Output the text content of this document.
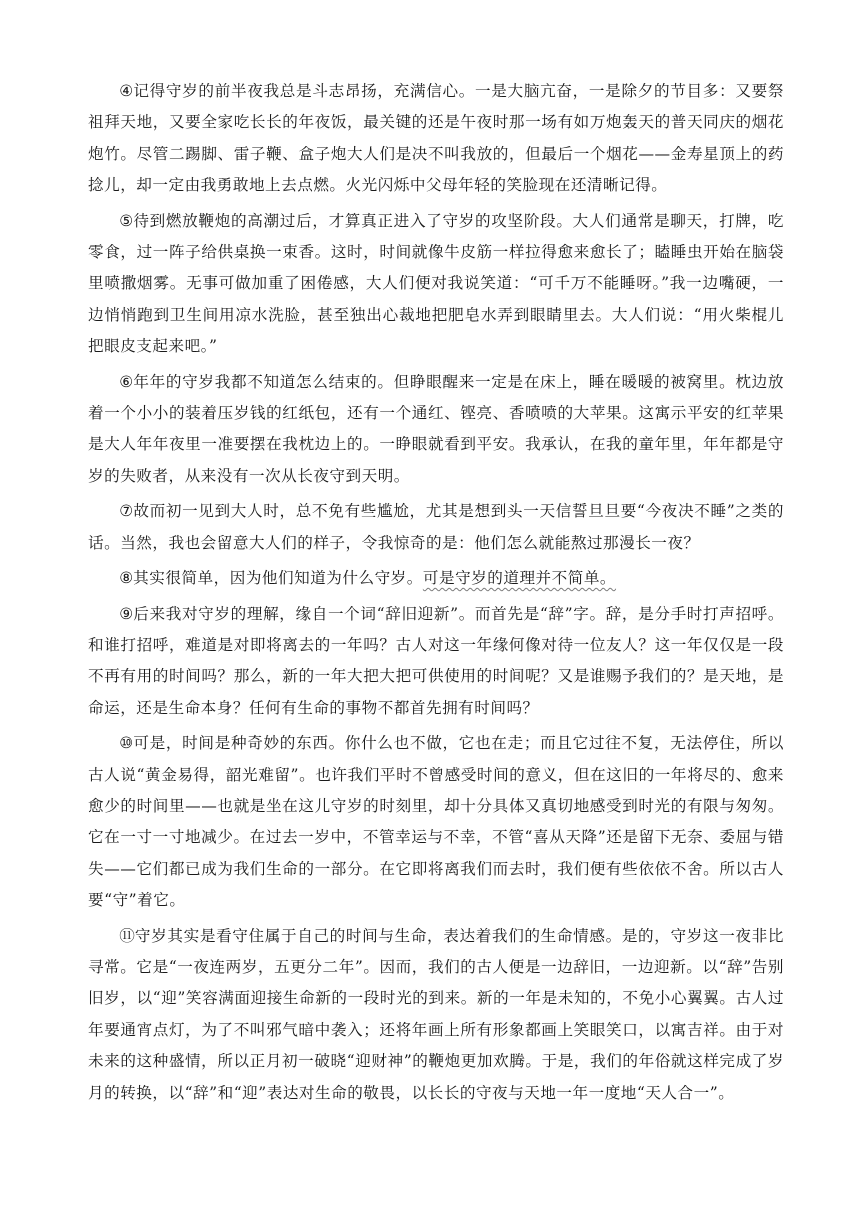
④记得守岁的前半夜我总是斗志昂扬，充满信心。一是大脑亢奋，一是除夕的节目多：又要祭祖拜天地，又要全家吃长长的年夜饭，最关键的还是午夜时那一场有如万炮轰天的普天同庆的烟花炮竹。尽管二踢脚、雷子鞭、盒子炮大人们是决不叫我放的，但最后一个烟花——金寿星顶上的药捻儿，却一定由我勇敢地上去点燃。火光闪烁中父母年轻的笑脸现在还清晰记得。

⑤待到燃放鞭炮的高潮过后，才算真正进入了守岁的攻坚阶段。大人们通常是聊天，打牌，吃零食，过一阵子给供桌换一束香。这时，时间就像牛皮筋一样拉得愈来愈长了；瞌睡虫开始在脑袋里喷撒烟雾。无事可做加重了困倦感，大人们便对我说笑道：“可千万不能睡呀。”我一边嘴硬，一边悄悄跑到卫生间用凉水洗脸，甚至独出心裁地把肥皂水弄到眼睛里去。大人们说：“用火柴棍儿把眼皮支起来吧。”

⑥年年的守岁我都不知道怎么结束的。但睁眼醒来一定是在床上，睡在暖暖的被窝里。枕边放着一个小小的装着压岁钱的红纸包，还有一个通红、铿亮、香喷喷的大苹果。这寓示平安的红苹果是大人年年夜里一准要摆在我枕边上的。一睁眼就看到平安。我承认，在我的童年里，年年都是守岁的失败者，从来没有一次从长夜守到天明。

⑦故而初一见到大人时，总不免有些尴尬，尤其是想到头一天信誓旦旦要“今夜决不睡”之类的话。当然，我也会留意大人们的样子，令我惊奇的是：他们怎么就能熬过那漫长一夜？

⑧其实很简单，因为他们知道为什么守岁。可是守岁的道理并不简单。

⑨后来我对守岁的理解，缘自一个词“辞旧迎新”。而首先是“辞”字。辞，是分手时打声招呼。和谁打招呼，难道是对即将离去的一年吗？古人对这一年缘何像对待一位友人？这一年仅仅是一段不再有用的时间吗？那么，新的一年大把大把可供使用的时间呢？又是谁赐予我们的？是天地，是命运，还是生命本身？任何有生命的事物不都首先拥有时间吗？

⑩可是，时间是种奇妙的东西。你什么也不做，它也在走；而且它过往不复，无法停住，所以古人说“黄金易得，韶光难留”。也许我们平时不曾感受时间的意义，但在这旧的一年将尽的、愈来愈少的时间里——也就是坐在这儿守岁的时刻里，却十分具体又真切地感受到时光的有限与匆匆。它在一寸一寸地减少。在过去一岁中，不管幸运与不幸，不管“喜从天降”还是留下无奈、委屈与错失——它们都已成为我们生命的一部分。在它即将离我们而去时，我们便有些依依不舍。所以古人要“守”着它。

⑪守岁其实是看守住属于自己的时间与生命，表达着我们的生命情感。是的，守岁这一夜非比寻常。它是“一夜连两岁，五更分二年”。因而，我们的古人便是一边辞旧，一边迎新。以“辞”告别旧岁，以“迎”笑容满面迎接生命新的一段时光的到来。新的一年是未知的，不免小心翼翼。古人过年要通宵点灯，为了不叫邪气暗中袭入；还将年画上所有形象都画上笑眼笑口，以寓吉祥。由于对未来的这种盛情，所以正月初一破晓“迎财神”的鞭炮更加欢腾。于是，我们的年俗就这样完成了岁月的转换，以“辞”和“迎”表达对生命的敬畏，以长长的守夜与天地一年一度地“天人合一”。
